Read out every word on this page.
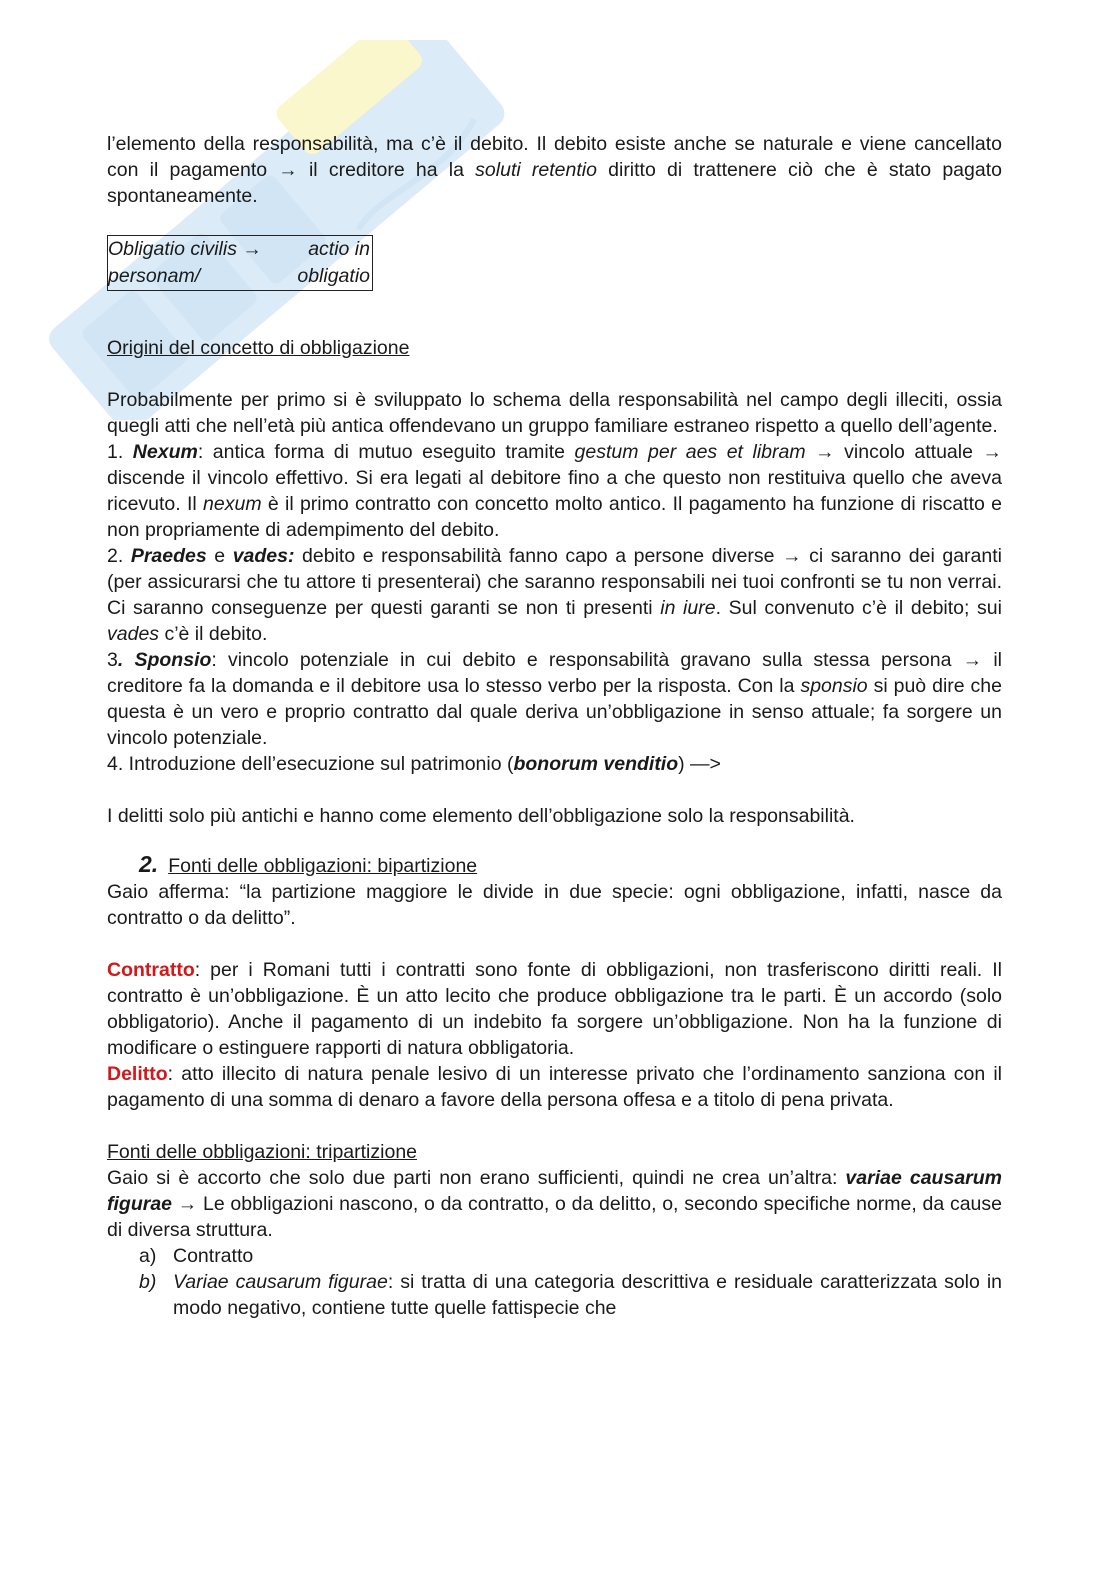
l’elemento della responsabilità, ma c’è il debito. Il debito esiste anche se naturale e viene cancellato con il pagamento → il creditore ha la soluti retentio diritto di trattenere ciò che è stato pagato spontaneamente.

Obligatio civilis → actio in
personam/	obligatio

Origini del concetto di obbligazione

Probabilmente per primo si è sviluppato lo schema della responsabilità nel campo degli illeciti, ossia quegli atti che nell’età più antica offendevano un gruppo familiare estraneo rispetto a quello dell’agente.

1. Nexum: antica forma di mutuo eseguito tramite gestum per aes et libram → vincolo attuale → discende il vincolo effettivo. Si era legati al debitore fino a che questo non restituiva quello che aveva ricevuto. Il nexum è il primo contratto con concetto molto antico. Il pagamento ha funzione di riscatto e non propriamente di adempimento del debito.

2. Praedes e vades: debito e responsabilità fanno capo a persone diverse → ci saranno dei garanti (per assicurarsi che tu attore ti presenterai) che saranno responsabili nei tuoi confronti se tu non verrai. Ci saranno conseguenze per questi garanti se non ti presenti in iure. Sul convenuto c’è il debito; sui vades c’è il debito.

3. Sponsio: vincolo potenziale in cui debito e responsabilità gravano sulla stessa persona → il creditore fa la domanda e il debitore usa lo stesso verbo per la risposta. Con la sponsio si può dire che questa è un vero e proprio contratto dal quale deriva un’obbligazione in senso attuale; fa sorgere un vincolo potenziale.

4. Introduzione dell’esecuzione sul patrimonio (bonorum venditio) —>

I delitti solo più antichi e hanno come elemento dell’obbligazione solo la responsabilità.

2. Fonti delle obbligazioni: bipartizione

Gaio afferma: “la partizione maggiore le divide in due specie: ogni obbligazione, infatti, nasce da contratto o da delitto”.

Contratto: per i Romani tutti i contratti sono fonte di obbligazioni, non trasferiscono diritti reali. Il contratto è un’obbligazione. È un atto lecito che produce obbligazione tra le parti. È un accordo (solo obbligatorio). Anche il pagamento di un indebito fa sorgere un’obbligazione. Non ha la funzione di modificare o estinguere rapporti di natura obbligatoria.

Delitto: atto illecito di natura penale lesivo di un interesse privato che l’ordinamento sanziona con il pagamento di una somma di denaro a favore della persona offesa e a titolo di pena privata.

Fonti delle obbligazioni: tripartizione

Gaio si è accorto che solo due parti non erano sufficienti, quindi ne crea un’altra: variae causarum figurae → Le obbligazioni nascono, o da contratto, o da delitto, o, secondo specifiche norme, da cause di diversa struttura.

a) Contratto
b) Variae causarum figurae: si tratta di una categoria descrittiva e residuale caratterizzata solo in modo negativo, contiene tutte quelle fattispecie che
